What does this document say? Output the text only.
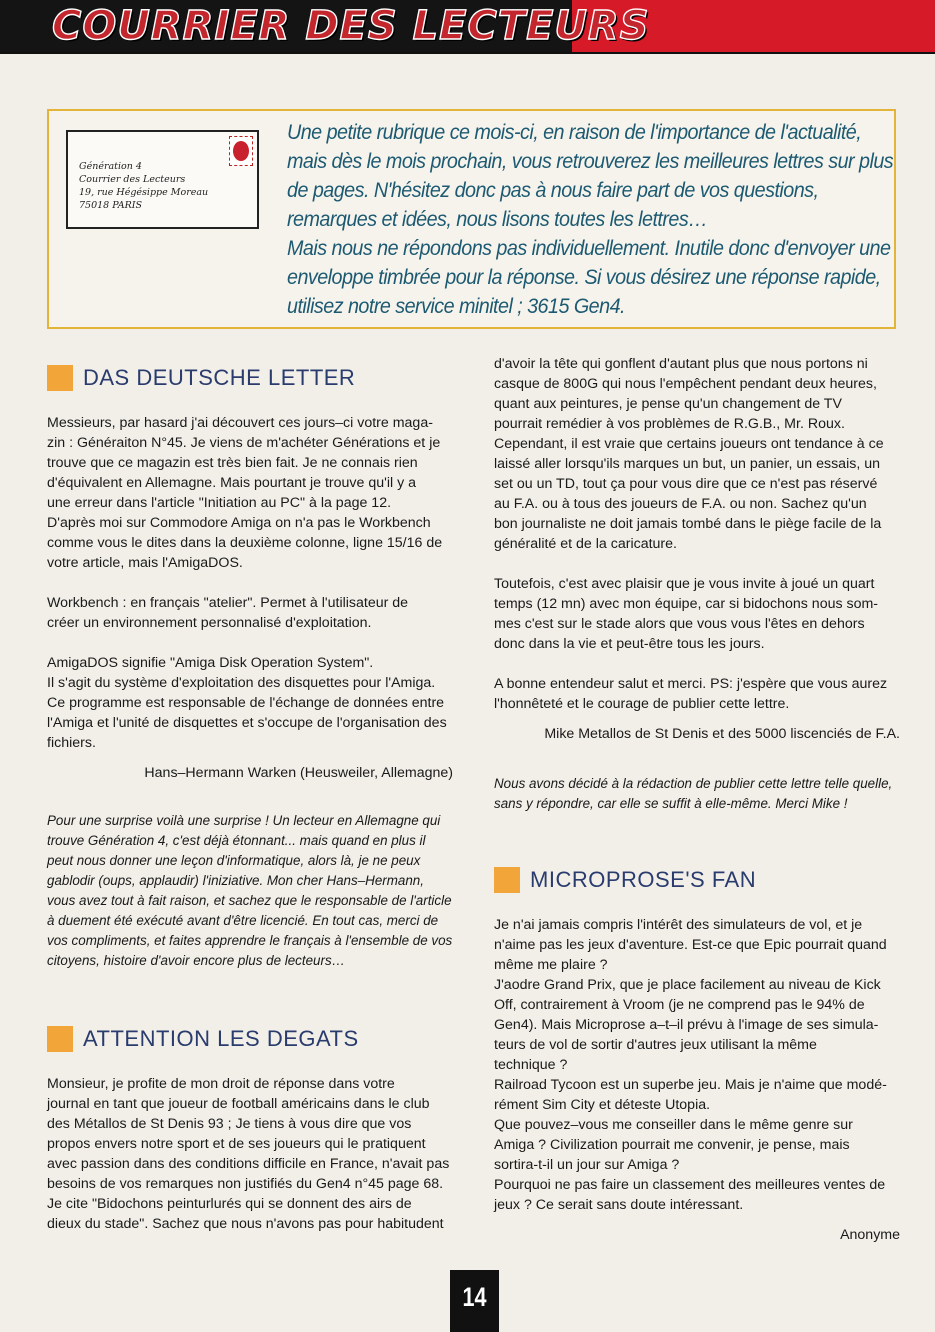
COURRIER DES LECTEURS

Génération 4
Courrier des Lecteurs
19, rue Hégésippe Moreau
75018 PARIS

Une petite rubrique ce mois-ci, en raison de l'importance de l'actualité,
mais dès le mois prochain, vous retrouverez les meilleures lettres sur plus
de pages. N'hésitez donc pas à nous faire part de vos questions,
remarques et idées, nous lisons toutes les lettres…
Mais nous ne répondons pas individuellement. Inutile donc d'envoyer une
enveloppe timbrée pour la réponse. Si vous désirez une réponse rapide,
utilisez notre service minitel ; 3615 Gen4.

DAS DEUTSCHE LETTER

Messieurs, par hasard j'ai découvert ces jours–ci votre maga-
zin : Généraiton N°45. Je viens de m'achéter Générations et je
trouve que ce magazin est très bien fait. Je ne connais rien
d'équivalent en Allemagne. Mais pourtant je trouve qu'il y a
une erreur dans l'article "Initiation au PC" à la page 12.
D'après moi sur Commodore Amiga on n'a pas le Workbench
comme vous le dites dans la deuxième colonne, ligne 15/16 de
votre article, mais l'AmigaDOS.

Workbench : en français "atelier". Permet à l'utilisateur de
créer un environnement personnalisé d'exploitation.

AmigaDOS signifie "Amiga Disk Operation System".
Il s'agit du système d'exploitation des disquettes pour l'Amiga.
Ce programme est responsable de l'échange de données entre
l'Amiga et l'unité de disquettes et s'occupe de l'organisation des
fichiers.

Hans–Hermann Warken (Heusweiler, Allemagne)

Pour une surprise voilà une surprise ! Un lecteur en Allemagne qui
trouve Génération 4, c'est déjà étonnant... mais quand en plus il
peut nous donner une leçon d'informatique, alors là, je ne peux
gablodir (oups, applaudir) l'iniziative. Mon cher Hans–Hermann,
vous avez tout à fait raison, et sachez que le responsable de l'article
à duement été exécuté avant d'être licencié. En tout cas, merci de
vos compliments, et faites apprendre le français à l'ensemble de vos
citoyens, histoire d'avoir encore plus de lecteurs…

ATTENTION LES DEGATS

Monsieur, je profite de mon droit de réponse dans votre
journal en tant que joueur de football américains dans le club
des Métallos de St Denis 93 ; Je tiens à vous dire que vos
propos envers notre sport et de ses joueurs qui le pratiquent
avec passion dans des conditions difficile en France, n'avait pas
besoins de vos remarques non justifiés du Gen4 n°45 page 68.
Je cite "Bidochons peinturlurés qui se donnent des airs de
dieux du stade". Sachez que nous n'avons pas pour habitudent

d'avoir la tête qui gonflent d'autant plus que nous portons ni
casque de 800G qui nous l'empêchent pendant deux heures,
quant aux peintures, je pense qu'un changement de TV
pourrait remédier à vos problèmes de R.G.B., Mr. Roux.
Cependant, il est vraie que certains joueurs ont tendance à ce
laissé aller lorsqu'ils marques un but, un panier, un essais, un
set ou un TD, tout ça pour vous dire que ce n'est pas réservé
au F.A. ou à tous des joueurs de F.A. ou non. Sachez qu'un
bon journaliste ne doit jamais tombé dans le piège facile de la
généralité et de la caricature.

Toutefois, c'est avec plaisir que je vous invite à joué un quart
temps (12 mn) avec mon équipe, car si bidochons nous som-
mes c'est sur le stade alors que vous vous l'êtes en dehors
donc dans la vie et peut-être tous les jours.

A bonne entendeur salut et merci. PS: j'espère que vous aurez
l'honnêteté et le courage de publier cette lettre.

Mike Metallos de St Denis et des 5000 liscenciés de F.A.

Nous avons décidé à la rédaction de publier cette lettre telle quelle,
sans y répondre, car elle se suffit à elle-même. Merci Mike !

MICROPROSE'S FAN

Je n'ai jamais compris l'intérêt des simulateurs de vol, et je
n'aime pas les jeux d'aventure. Est-ce que Epic pourrait quand
même me plaire ?
J'aodre Grand Prix, que je place facilement au niveau de Kick
Off, contrairement à Vroom (je ne comprend pas le 94% de
Gen4). Mais Microprose a–t–il prévu à l'image de ses simula-
teurs de vol de sortir d'autres jeux utilisant la même
technique ?
Railroad Tycoon est un superbe jeu. Mais je n'aime que modé-
rément Sim City et déteste Utopia.
Que pouvez–vous me conseiller dans le même genre sur
Amiga ? Civilization pourrait me convenir, je pense, mais
sortira-t-il un jour sur Amiga ?
Pourquoi ne pas faire un classement des meilleures ventes de
jeux ? Ce serait sans doute intéressant.

Anonyme

14
